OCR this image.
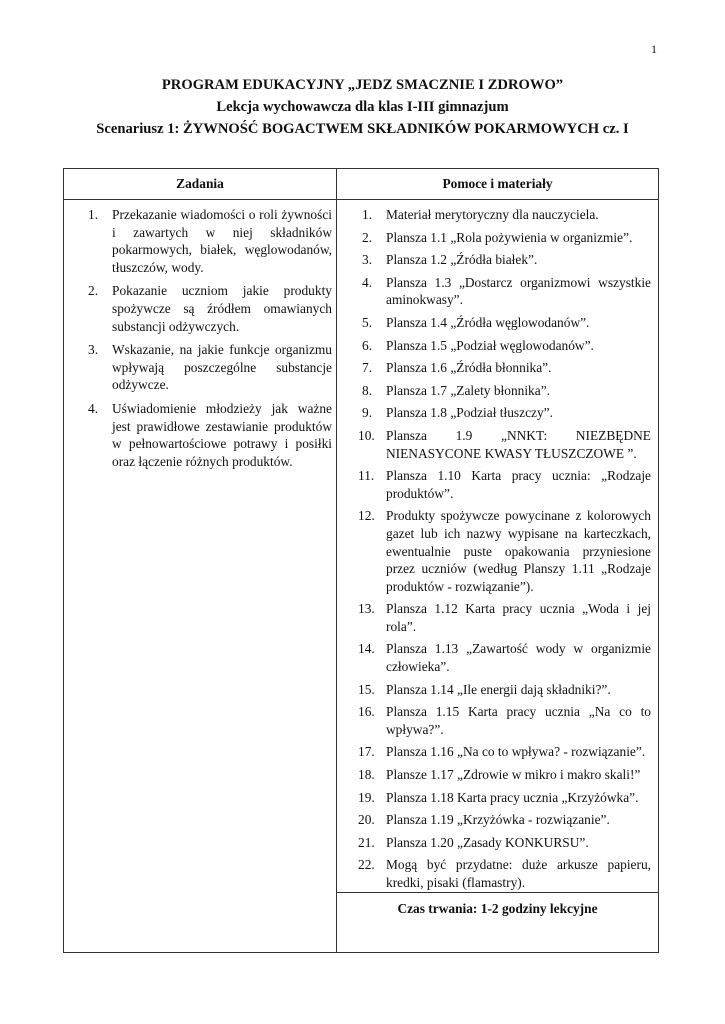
1
PROGRAM EDUKACYJNY „JEDZ SMACZNIE I ZDROWO”
Lekcja wychowawcza dla klas I-III gimnazjum
Scenariusz 1: ŻYWNOŚĆ BOGACTWEM SKŁADNIKÓW POKARMOWYCH cz. I
Zadania	Pomoce i materiały
1. Przekazanie wiadomości o roli żywności i zawartych w niej składników pokarmowych, białek, węglowodanów, tłuszczów, wody.
2. Pokazanie uczniom jakie produkty spożywcze są źródłem omawianych substancji odżywczych.
3. Wskazanie, na jakie funkcje organizmu wpływają poszczególne substancje odżywcze.
4. Uświadomienie młodzieży jak ważne jest prawidłowe zestawianie produktów w pełnowartościowe potrawy i posiłki oraz łączenie różnych produktów.
1. Materiał merytoryczny dla nauczyciela.
2. Plansza 1.1 „Rola pożywienia w organizmie”.
3. Plansza 1.2 „Źródła białek”.
4. Plansza 1.3 „Dostarcz organizmowi wszystkie aminokwasy”.
5. Plansza 1.4 „Źródła węglowodanów”.
6. Plansza 1.5 „Podział węglowodanów”.
7. Plansza 1.6 „Źródła błonnika”.
8. Plansza 1.7 „Zalety błonnika”.
9. Plansza 1.8 „Podział tłuszczy”.
10. Plansza 1.9 „NNKT: NIEZBĘDNE NIENASYCONE KWASY TŁUSZCZOWE ”.
11. Plansza 1.10 Karta pracy ucznia: „Rodzaje produktów”.
12. Produkty spożywcze powycinane z kolorowych gazet lub ich nazwy wypisane na karteczkach, ewentualnie puste opakowania przyniesione przez uczniów (według Planszy 1.11 „Rodzaje produktów - rozwiązanie”).
13. Plansza 1.12 Karta pracy ucznia „Woda i jej rola”.
14. Plansza 1.13 „Zawartość wody w organizmie człowieka”.
15. Plansza 1.14 „Ile energii dają składniki?”.
16. Plansza 1.15 Karta pracy ucznia „Na co to wpływa?”.
17. Plansza 1.16 „Na co to wpływa? - rozwiązanie”.
18. Plansze 1.17 „Zdrowie w mikro i makro skali!”
19. Plansza 1.18 Karta pracy ucznia „Krzyżówka”.
20. Plansza 1.19 „Krzyżówka - rozwiązanie”.
21. Plansza 1.20 „Zasady KONKURSU”.
22. Mogą być przydatne: duże arkusze papieru, kredki, pisaki (flamastry).
Czas trwania: 1-2 godziny lekcyjne
